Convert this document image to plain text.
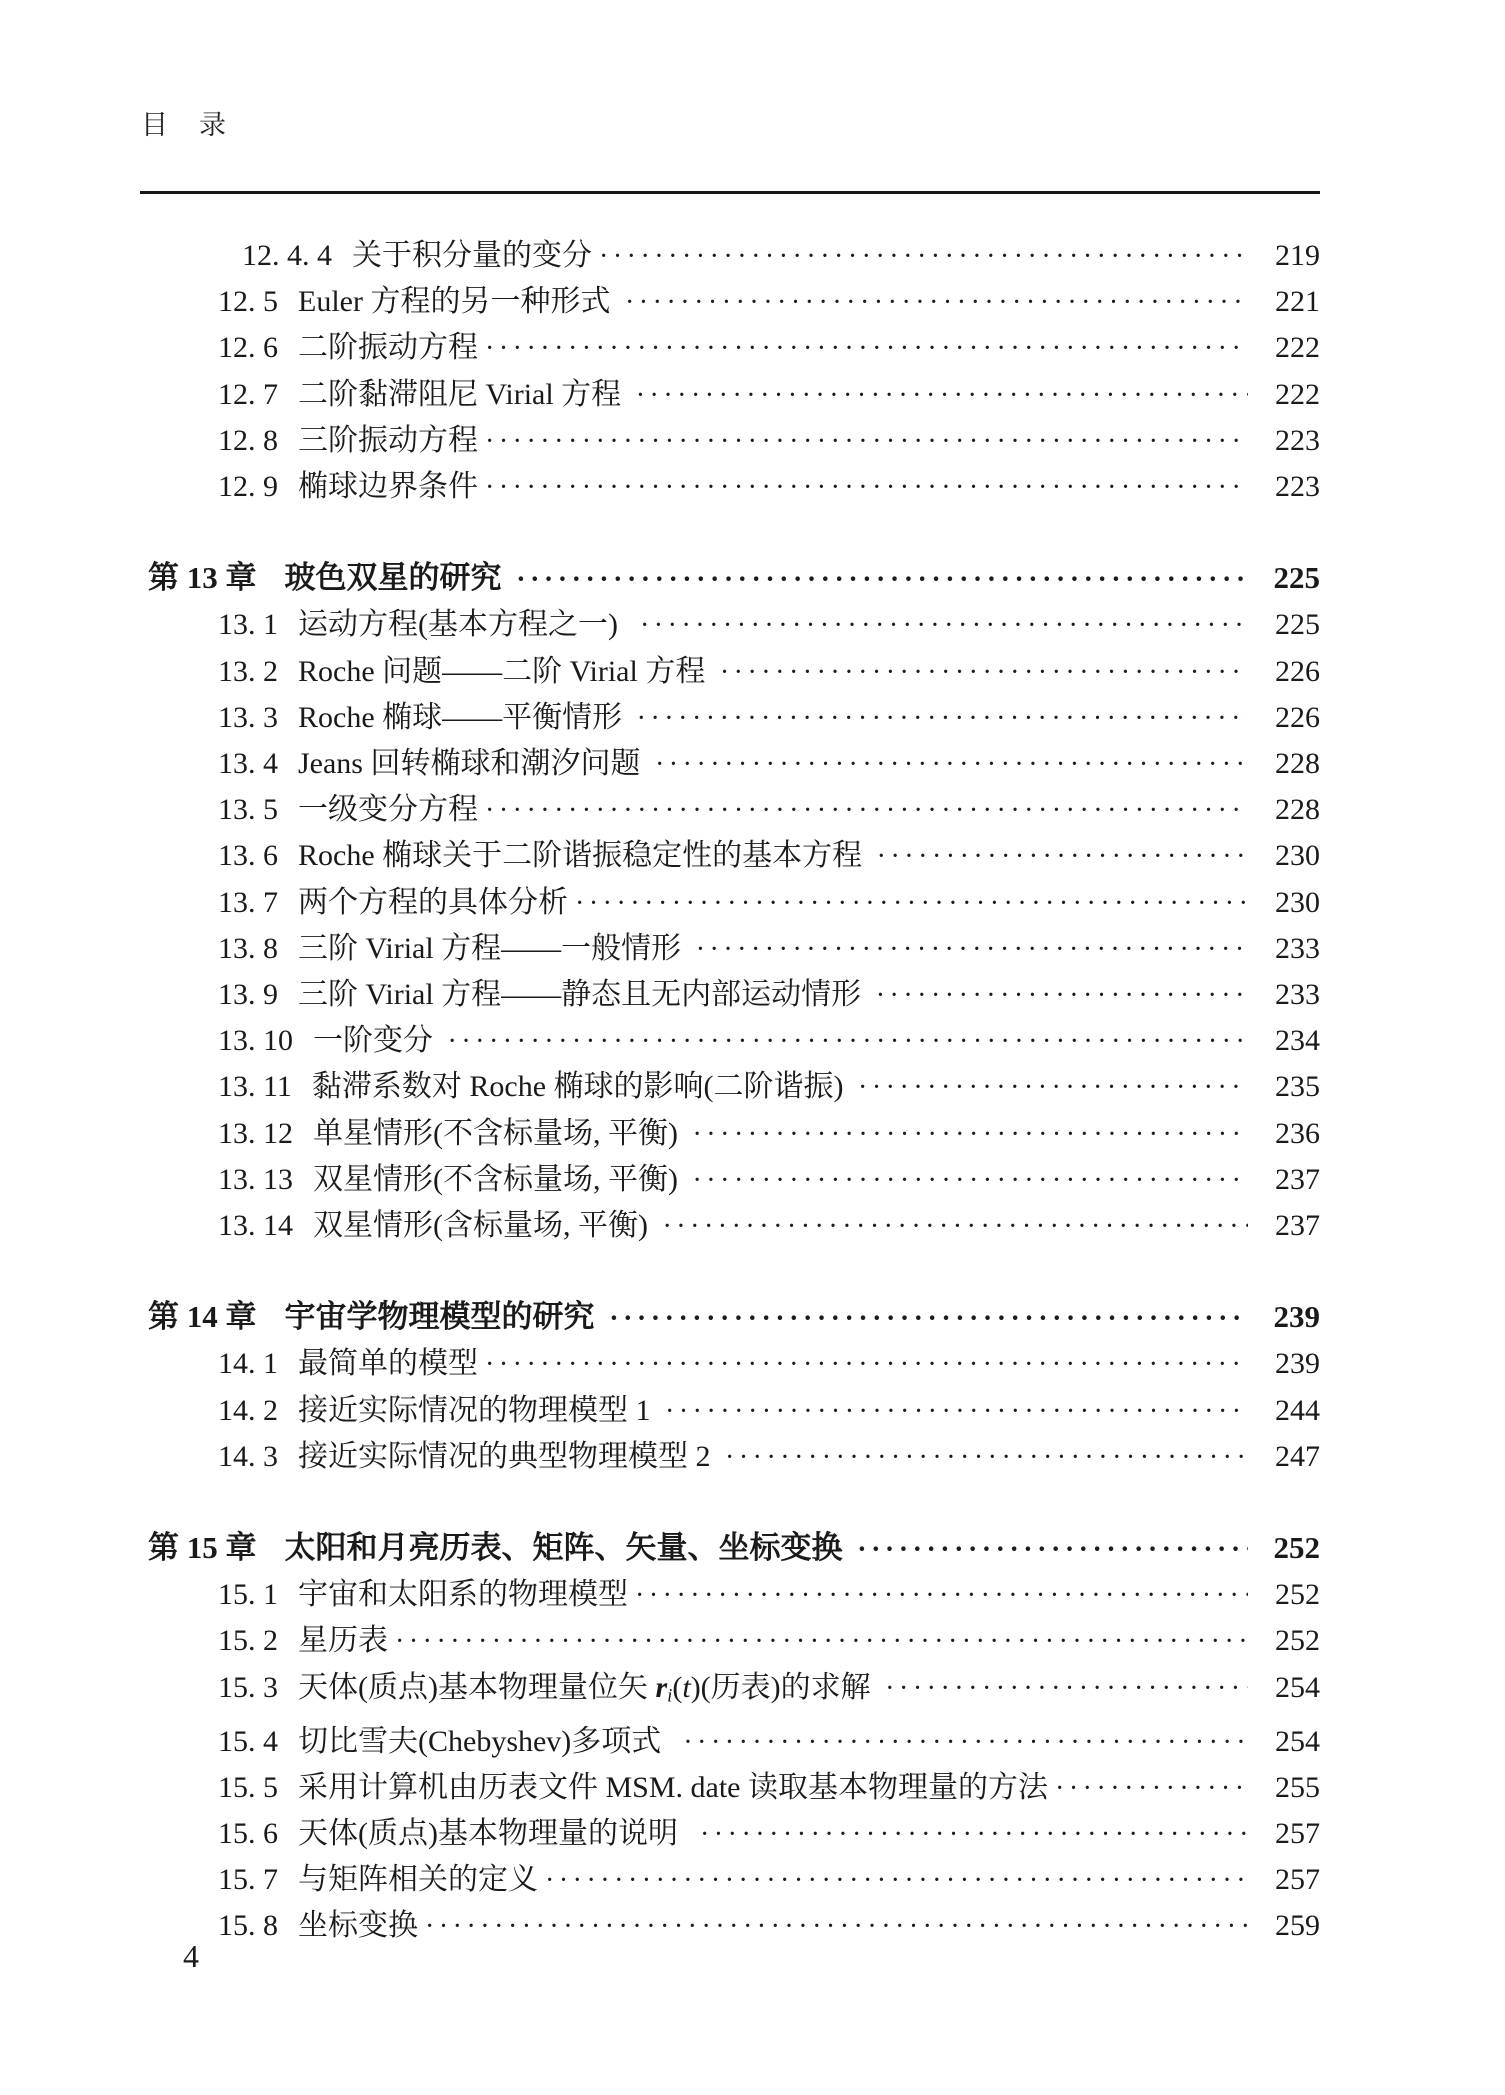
目　录
12. 4. 4 关于积分量的变分 ·····	219
12. 5 Euler 方程的另一种形式 ·····	221
12. 6 二阶振动方程 ·····	222
12. 7 二阶黏滞阻尼 Virial 方程 ·····	222
12. 8 三阶振动方程 ·····	223
12. 9 椭球边界条件 ·····	223
第 13 章 玻色双星的研究 ·····	225
13. 1 运动方程(基本方程之一) ·····	225
13. 2 Roche 问题——二阶 Virial 方程 ·····	226
13. 3 Roche 椭球——平衡情形 ·····	226
13. 4 Jeans 回转椭球和潮汐问题 ·····	228
13. 5 一级变分方程 ·····	228
13. 6 Roche 椭球关于二阶谐振稳定性的基本方程 ·····	230
13. 7 两个方程的具体分析 ·····	230
13. 8 三阶 Virial 方程——一般情形 ·····	233
13. 9 三阶 Virial 方程——静态且无内部运动情形 ·····	233
13. 10 一阶变分 ·····	234
13. 11 黏滞系数对 Roche 椭球的影响(二阶谐振) ·····	235
13. 12 单星情形(不含标量场, 平衡) ·····	236
13. 13 双星情形(不含标量场, 平衡) ·····	237
13. 14 双星情形(含标量场, 平衡) ·····	237
第 14 章 宇宙学物理模型的研究 ·····	239
14. 1 最简单的模型 ·····	239
14. 2 接近实际情况的物理模型 1 ·····	244
14. 3 接近实际情况的典型物理模型 2 ·····	247
第 15 章 太阳和月亮历表、矩阵、矢量、坐标变换 ·····	252
15. 1 宇宙和太阳系的物理模型 ·····	252
15. 2 星历表 ·····	252
15. 3 天体(质点)基本物理量位矢 ri(t)(历表)的求解 ·····	254
15. 4 切比雪夫(Chebyshev)多项式 ·····	254
15. 5 采用计算机由历表文件 MSM. date 读取基本物理量的方法 ·····	255
15. 6 天体(质点)基本物理量的说明 ·····	257
15. 7 与矩阵相关的定义 ·····	257
15. 8 坐标变换 ·····	259
4
